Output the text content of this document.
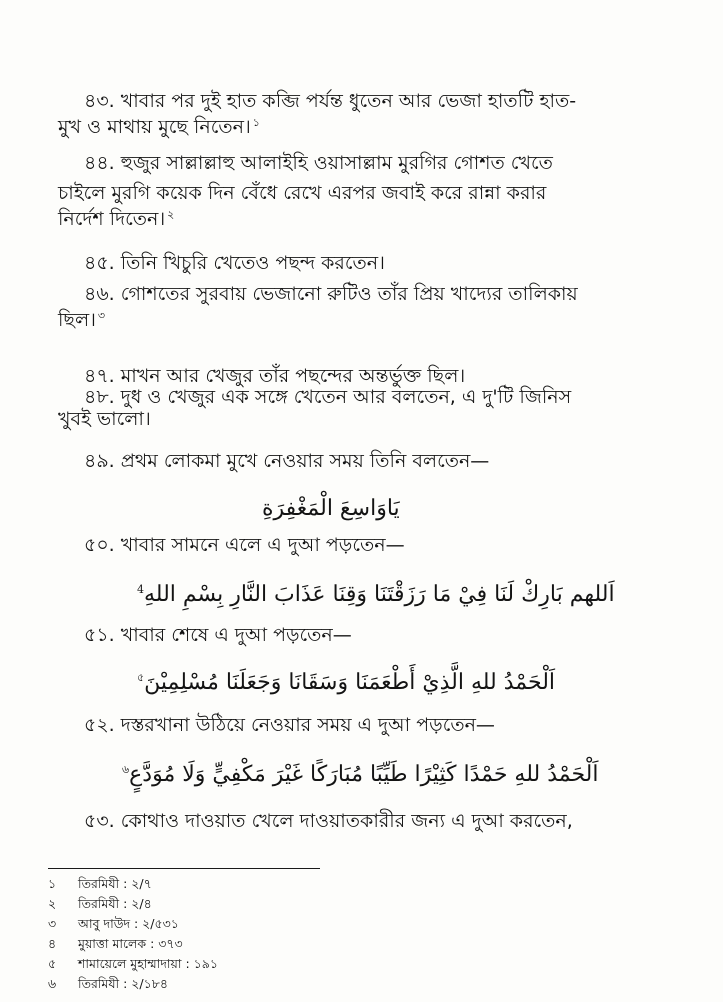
৪৩. খাবার পর দুই হাত কব্জি পর্যন্ত ধুতেন আর ভেজা হাতটি হাত-
মুখ ও মাথায় মুছে নিতেন। $^১$
৪৪. হুজুর সাল্লাল্লাহু আলাইহি ওয়াসাল্লাম মুরগির গোশত খেতে
চাইলে মুরগি কয়েক দিন বেঁধে রেখে এরপর জবাই করে রান্না করার
নির্দেশ দিতেন। $^২$
৪৫. তিনি খিচুরি খেতেও পছন্দ করতেন।
৪৬. গোশতের সুরবায় ভেজানো রুটিও তাঁর প্রিয় খাদ্যের তালিকায়
ছিল। $^৩$
৪৭. মাখন আর খেজুর তাঁর পছন্দের অন্তর্ভুক্ত ছিল।
৪৮. দুধ ও খেজুর এক সঙ্গে খেতেন আর বলতেন, এ দু'টি জিনিস
খুবই ভালো।
৪৯. প্রথম লোকমা মুখে নেওয়ার সময় তিনি বলতেন—
يَاوَاسِعَ الْمَغْفِرَةِ
৫০. খাবার সামনে এলে এ দুআ পড়তেন—
اَللهم بَارِكْ لَنَا فِيْ مَا رَزَقْتَنَا وَقِنَا عَذَابَ النَّارِ بِسْمِ اللهِ$^4$
৫১. খাবার শেষে এ দুআ পড়তেন—
اَلْحَمْدُ للهِ الَّذِيْ أَطْعَمَنَا وَسَقَانَا وَجَعَلَنَا مُسْلِمِيْنَ$^৫$
৫২. দস্তরখানা উঠিয়ে নেওয়ার সময় এ দুআ পড়তেন—
اَلْحَمْدُ للهِ حَمْدًا كَثِيْرًا طَيِّبًا مُبَارَكًا غَيْرَ مَكْفِيٍّ وَلَا مُوَدَّعٍ$^৬$
৫৩. কোথাও দাওয়াত খেলে দাওয়াতকারীর জন্য এ দুআ করতেন,
১ তিরমিযী : ২/৭
২ তিরমিযী : ২/৪
৩ আবু দাউদ : ২/৫৩১
৪ মুয়াত্তা মালেক : ৩৭৩
৫ শামায়েলে মুহাম্মাদায়া : ১৯১
৬ তিরমিযী : ২/১৮৪
